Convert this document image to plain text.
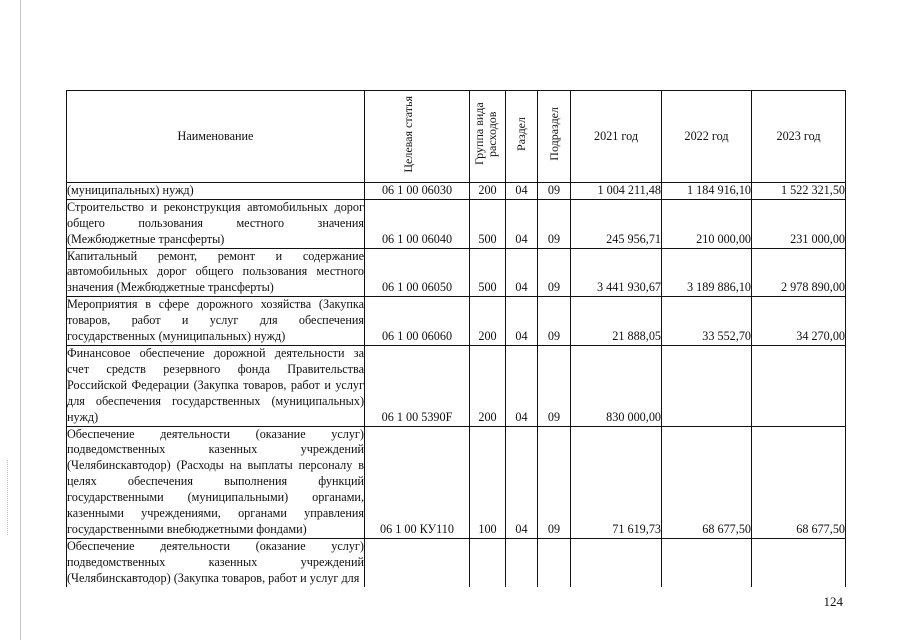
Наименование	Целевая статья	Группа вида расходов	Раздел	Подраздел	2021 год	2022 год	2023 год
(муниципальных) нужд)	06 1 00 06030	200	04	09	1 004 211,48	1 184 916,10	1 522 321,50
Строительство и реконструкция автомобильных дорог общего пользования местного значения (Межбюджетные трансферты)	06 1 00 06040	500	04	09	245 956,71	210 000,00	231 000,00
Капитальный ремонт, ремонт и содержание автомобильных дорог общего пользования местного значения (Межбюджетные трансферты)	06 1 00 06050	500	04	09	3 441 930,67	3 189 886,10	2 978 890,00
Мероприятия в сфере дорожного хозяйства (Закупка товаров, работ и услуг для обеспечения государственных (муниципальных) нужд)	06 1 00 06060	200	04	09	21 888,05	33 552,70	34 270,00
Финансовое обеспечение дорожной деятельности за счет средств резервного фонда Правительства Российской Федерации (Закупка товаров, работ и услуг для обеспечения государственных (муниципальных) нужд)	06 1 00 5390F	200	04	09	830 000,00		
Обеспечение деятельности (оказание услуг) подведомственных казенных учреждений (Челябинскавтодор) (Расходы на выплаты персоналу в целях обеспечения выполнения функций государственными (муниципальными) органами, казенными учреждениями, органами управления государственными внебюджетными фондами)	06 1 00 КУ110	100	04	09	71 619,73	68 677,50	68 677,50
Обеспечение деятельности (оказание услуг) подведомственных казенных учреждений (Челябинскавтодор) (Закупка товаров, работ и услуг для							
124
